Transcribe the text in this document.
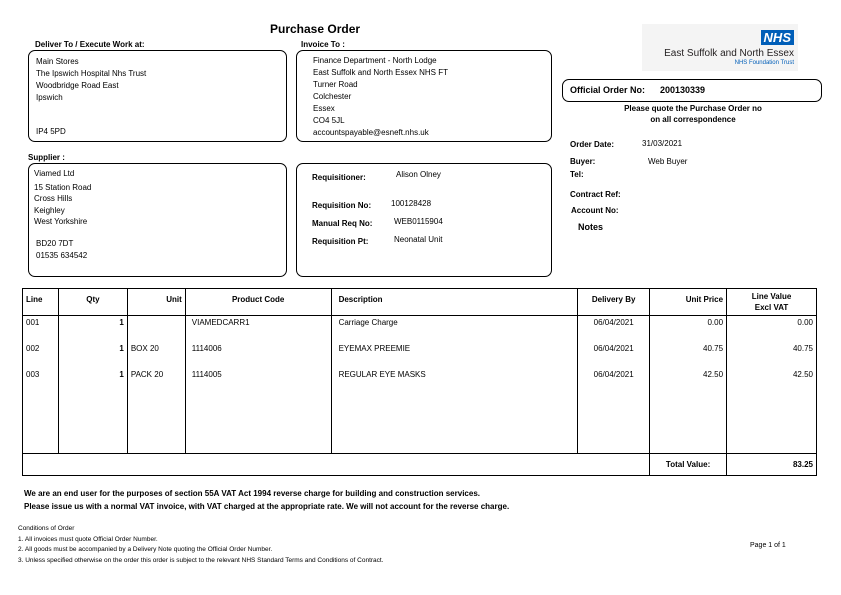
Purchase Order
NHS
East Suffolk and North Essex
NHS Foundation Trust
Deliver To / Execute Work at:
Main Stores
The Ipswich Hospital Nhs Trust
Woodbridge Road East
Ipswich
IP4 5PD
Invoice To :
Finance Department - North Lodge
East Suffolk and North Essex NHS FT
Turner Road
Colchester
Essex
CO4 5JL
accountspayable@esneft.nhs.uk
Official Order No: 200130339
Please quote the Purchase Order no
on all correspondence
Order Date:	31/03/2021
Buyer:	Web Buyer
Tel:
Contract Ref:
Account No:
Notes
Supplier :
Viamed Ltd
15 Station Road
Cross Hills
Keighley
West Yorkshire
BD20 7DT
01535 634542
Requisitioner:	Alison Olney
Requisition No: 100128428
Manual Req No:	WEB0115904
Requisition Pt:	Neonatal Unit
Line	Qty	Unit	Product Code	Description	Delivery By	Unit Price	Line Value
Excl VAT

001	1		VIAMEDCARR1	Carriage Charge	06/04/2021	0.00	0.00
002	1	BOX 20	1114006	EYEMAX PREEMIE	06/04/2021	40.75	40.75
003	1	PACK 20	1114005	REGULAR EYE MASKS	06/04/2021	42.50	42.50

						Total Value:	83.25
We are an end user for the purposes of section 55A VAT Act 1994 reverse charge for building and construction services.
Please issue us with a normal VAT invoice, with VAT charged at the appropriate rate. We will not account for the reverse charge.
Conditions of Order
1. All invoices must quote Official Order Number.
2. All goods must be accompanied by a Delivery Note quoting the Official Order Number.
3. Unless specified otherwise on the order this order is subject to the relevant NHS Standard Terms and Conditions of Contract.
Page 1 of 1
